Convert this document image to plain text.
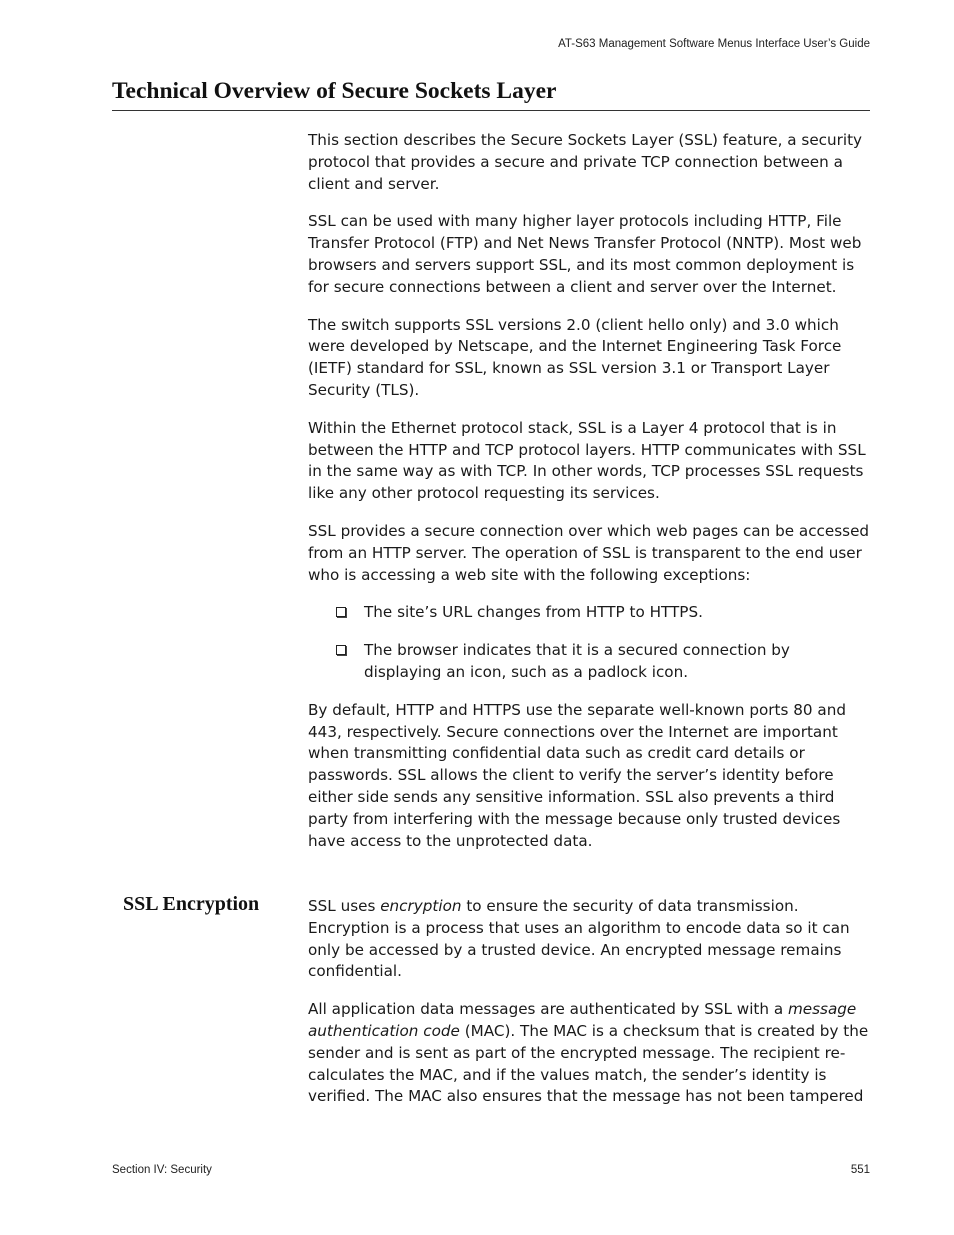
AT-S63 Management Software Menus Interface User’s Guide
Technical Overview of Secure Sockets Layer

This section describes the Secure Sockets Layer (SSL) feature, a security protocol that provides a secure and private TCP connection between a client and server.

SSL can be used with many higher layer protocols including HTTP, File Transfer Protocol (FTP) and Net News Transfer Protocol (NNTP). Most web browsers and servers support SSL, and its most common deployment is for secure connections between a client and server over the Internet.

The switch supports SSL versions 2.0 (client hello only) and 3.0 which were developed by Netscape, and the Internet Engineering Task Force (IETF) standard for SSL, known as SSL version 3.1 or Transport Layer Security (TLS).

Within the Ethernet protocol stack, SSL is a Layer 4 protocol that is in between the HTTP and TCP protocol layers. HTTP communicates with SSL in the same way as with TCP. In other words, TCP processes SSL requests like any other protocol requesting its services.

SSL provides a secure connection over which web pages can be accessed from an HTTP server. The operation of SSL is transparent to the end user who is accessing a web site with the following exceptions:

The site’s URL changes from HTTP to HTTPS.
The browser indicates that it is a secured connection by displaying an icon, such as a padlock icon.

By default, HTTP and HTTPS use the separate well-known ports 80 and 443, respectively. Secure connections over the Internet are important when transmitting confidential data such as credit card details or passwords. SSL allows the client to verify the server’s identity before either side sends any sensitive information. SSL also prevents a third party from interfering with the message because only trusted devices have access to the unprotected data.

SSL Encryption	SSL uses encryption to ensure the security of data transmission. Encryption is a process that uses an algorithm to encode data so it can only be accessed by a trusted device. An encrypted message remains confidential.

All application data messages are authenticated by SSL with a message authentication code (MAC). The MAC is a checksum that is created by the sender and is sent as part of the encrypted message. The recipient re-calculates the MAC, and if the values match, the sender’s identity is verified. The MAC also ensures that the message has not been tampered

Section IV: Security	551
